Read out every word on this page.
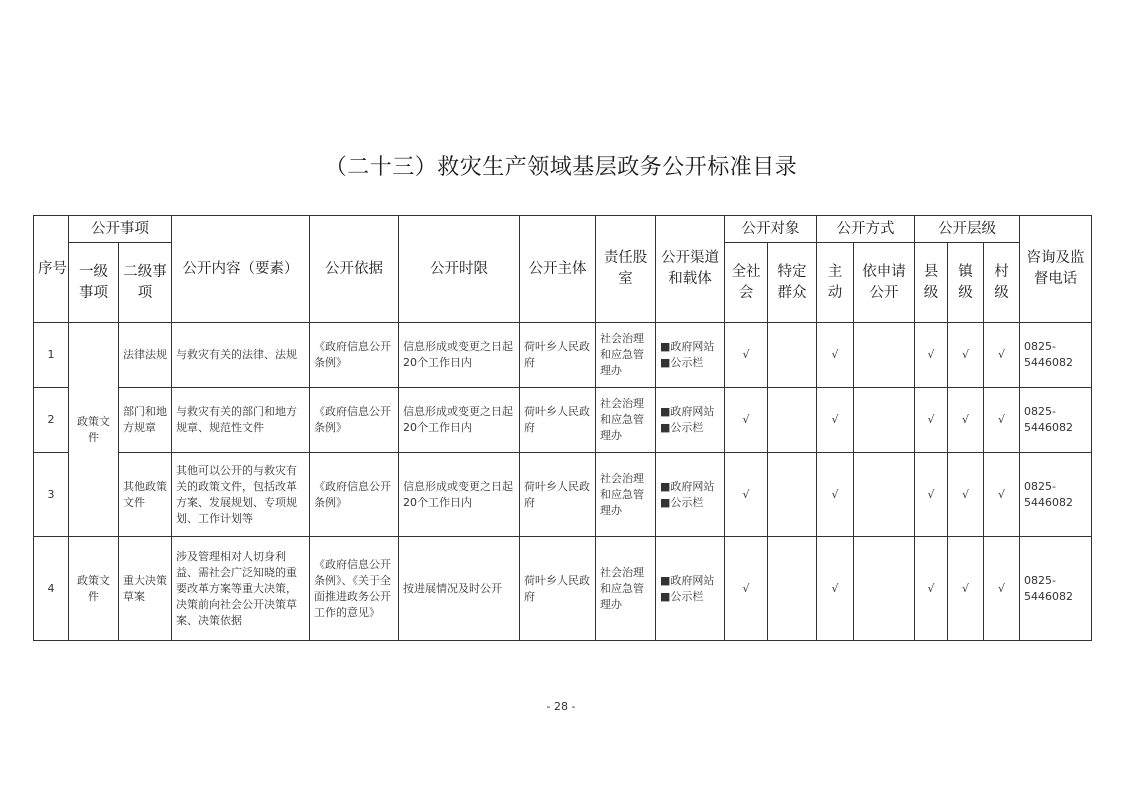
（二十三）救灾生产领域基层政务公开标准目录
序号	公开事项		公开内容（要素）	公开依据	公开时限	公开主体	责任股室	公开渠道和载体	公开对象		公开方式		公开层级			咨询及监督电话
	一级事项	二级事项							全社会	特定群众	主动	依申请公开	县级	镇级	村级	
1	政策文件	法律法规	与救灾有关的法律、法规	《政府信息公开条例》	信息形成或变更之日起20个工作日内	荷叶乡人民政府	社会治理和应急管理办	■政府网站
■公示栏	√		√		√	√	√	0825-5446082
2		部门和地方规章	与救灾有关的部门和地方规章、规范性文件	《政府信息公开条例》	信息形成或变更之日起20个工作日内	荷叶乡人民政府	社会治理和应急管理办	■政府网站
■公示栏	√		√		√	√	√	0825-5446082
3		其他政策文件	其他可以公开的与救灾有关的政策文件，包括改革方案、发展规划、专项规划、工作计划等	《政府信息公开条例》	信息形成或变更之日起20个工作日内	荷叶乡人民政府	社会治理和应急管理办	■政府网站
■公示栏	√		√		√	√	√	0825-5446082
4	政策文件	重大决策草案	涉及管理相对人切身利益、需社会广泛知晓的重要改革方案等重大决策，决策前向社会公开决策草案、决策依据	《政府信息公开条例》、《关于全面推进政务公开工作的意见》	按进展情况及时公开	荷叶乡人民政府	社会治理和应急管理办	■政府网站
■公示栏	√		√		√	√	√	0825-5446082
- 28 -
